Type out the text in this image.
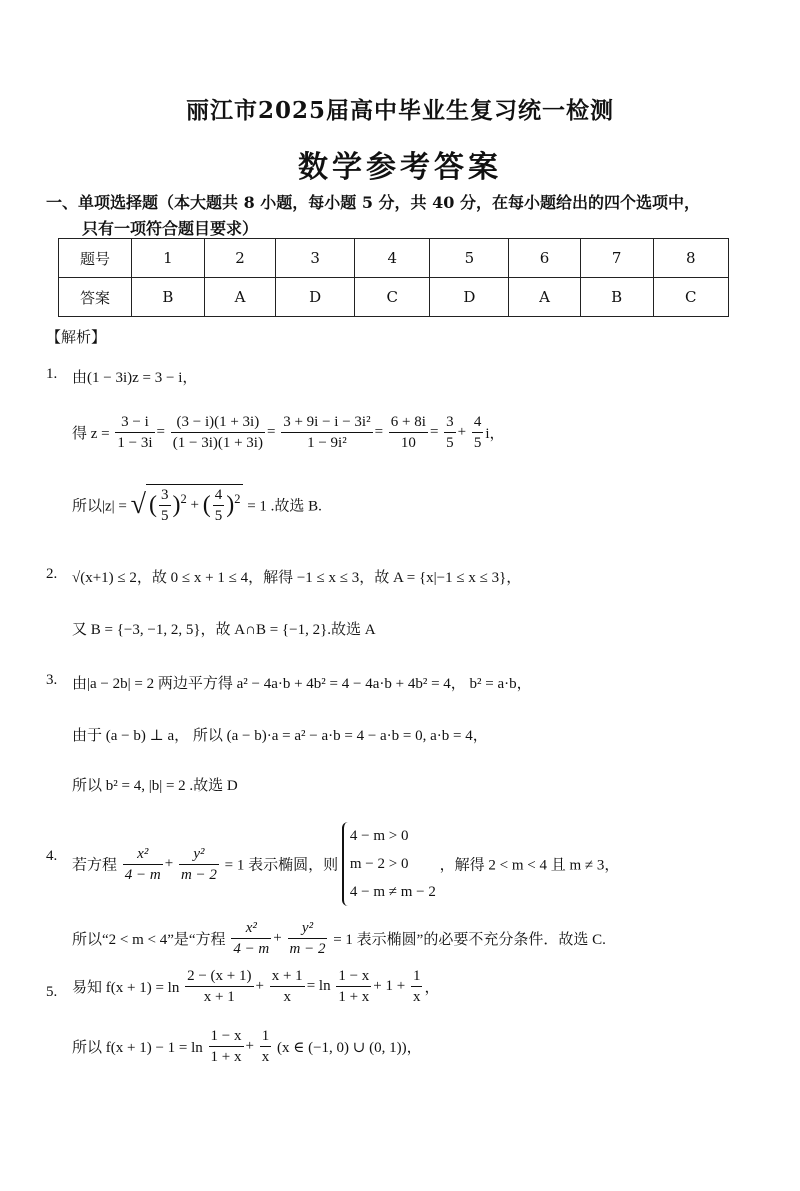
丽江市2025届高中毕业生复习统一检测
数学参考答案
一、单项选择题（本大题共 8 小题，每小题 5 分，共 40 分，在每小题给出的四个选项中，
只有一项符合题目要求）
题号	1	2	3	4	5	6	7	8
答案	B	A	D	C	D	A	B	C
【解析】
1. 由(1 − 3i)z = 3 − i，
得 $z = \frac{3 - i}{1 - 3i} = \frac{(3 - i)(1 + 3i)}{(1 - 3i)(1 + 3i)} = \frac{\text{3 + 9i − i − 3i²}}{\text{1 − 9i²}} = \frac{6 + 8i}{10} = \frac{3}{5} + \frac{4}{5}$ i，
所以|z| = √ ( $\frac{3}{5} )^2$ + ( $\frac{4}{5} )^2 = 1$ .故选 B.
2. √(x+1) ≤ 2，故 0 ≤ x + 1 ≤ 4，解得 −1 ≤ x ≤ 3，故 A = {x|−1 ≤ x ≤ 3}，
又 B = {−3, −1, 2, 5}，故 A∩B = {−1, 2}.故选 A
3. 由|a − 2b| = 2 两边平方得 a² − 4a·b + 4b² = 4 − 4a·b + 4b² = 4， b² = a·b，
由于 (a − b) ⊥ a， 所以 (a − b)·a = a² − a·b = 4 − a·b = 0, a·b = 4，
所以 b² = 4, |b| = 2 .故选 D
4.
若方程 $\frac{\text{x²}}{4 - m} + \frac{\text{y²}}{m - 2} = 1$ 表示椭圆，则
4 − m > 0
m − 2 > 0
4 − m ≠ m − 2
，解得 2 < m < 4 且 m ≠ 3，
所以“2 < m < 4”是“方程 $\frac{\text{x²}}{4 - m} + \frac{\text{y²}}{m - 2} = 1$ 表示椭圆”的必要不充分条件．故选 C.
5. 易知 $f(x + 1) = \ln \frac{2 - (x + 1)}{x + 1} + \frac{x + 1}{x} = \ln \frac{1 - x}{1 + x} + 1 + \frac{1}{x}$ ，
所以 $f(x + 1) - 1 = \ln \frac{1 - x}{1 + x} + \frac{1}{x} (x$ ∈ (−1, 0) ∪ (0, 1))，
